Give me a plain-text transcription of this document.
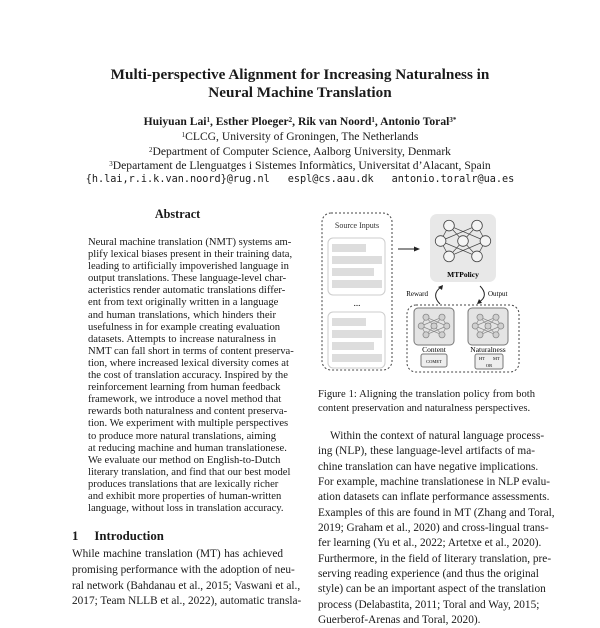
Multi-perspective Alignment for Increasing Naturalness in
Neural Machine Translation
Huiyuan Lai$^1$, Esther Ploeger$^2$, Rik van Noord$^1$, Antonio Toral$^{3*}$
$^1$CLCG, University of Groningen, The Netherlands
$^2$Department of Computer Science, Aalborg University, Denmark
$^3$Departament de Llenguatges i Sistemes Informàtics, Universitat d’Alacant, Spain
{h.lai,r.i.k.van.noord}@rug.nl espl@cs.aau.dk antonio.toralr@ua.es
Abstract
Neural machine translation (NMT) systems am-
plify lexical biases present in their training data,
leading to artificially impoverished language in
output translations. These language-level char-
acteristics render automatic translations differ-
ent from text originally written in a language
and human translations, which hinders their
usefulness in for example creating evaluation
datasets. Attempts to increase naturalness in
NMT can fall short in terms of content preserva-
tion, where increased lexical diversity comes at
the cost of translation accuracy. Inspired by the
reinforcement learning from human feedback
framework, we introduce a novel method that
rewards both naturalness and content preserva-
tion. We experiment with multiple perspectives
to produce more natural translations, aiming
at reducing machine and human translationese.
We evaluate our method on English-to-Dutch
literary translation, and find that our best model
produces translations that are lexically richer
and exhibit more properties of human-written
language, without loss in translation accuracy.
1 Introduction
While machine translation (MT) has achieved
promising performance with the adoption of neu-
ral network (Bahdanau et al., 2015; Vaswani et al.,
2017; Team NLLB et al., 2022), automatic transla-
Source Inputs
...
MTPolicy
Reward	Output
Content
COMET
Naturalness
HT MT
OR
Figure 1: Aligning the translation policy from both
content preservation and naturalness perspectives.
Within the context of natural language process-
ing (NLP), these language-level artifacts of ma-
chine translation can have negative implications.
For example, machine translationese in NLP evalu-
ation datasets can inflate performance assessments.
Examples of this are found in MT (Zhang and Toral,
2019; Graham et al., 2020) and cross-lingual trans-
fer learning (Yu et al., 2022; Artetxe et al., 2020).
Furthermore, in the field of literary translation, pre-
serving reading experience (and thus the original
style) can be an important aspect of the translation
process (Delabastita, 2011; Toral and Way, 2015;
Guerberof-Arenas and Toral, 2020).
